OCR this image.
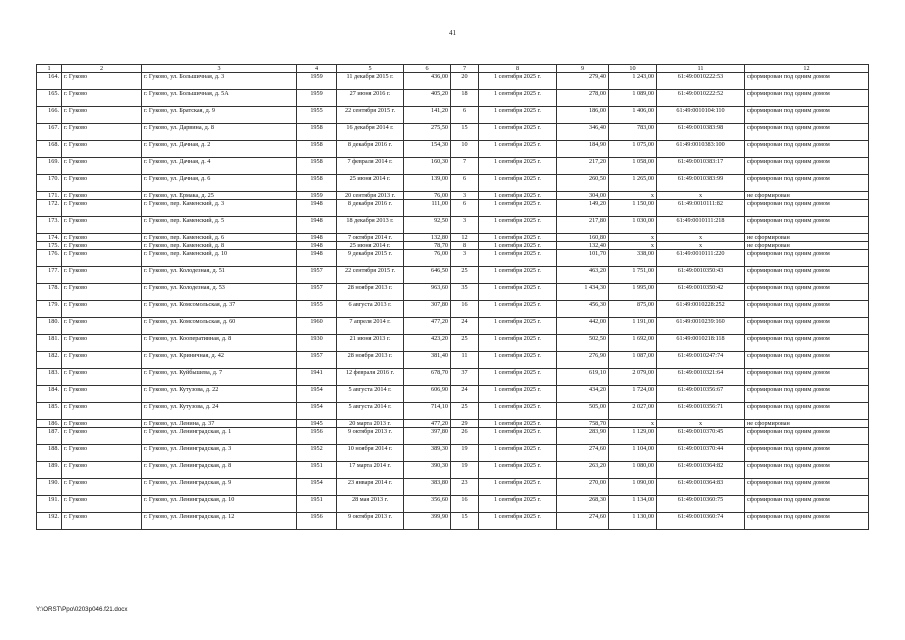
41
1	2	3	4	5	6	7	8	9	10	11	12
164.	г. Гуково	г. Гуково, ул. Большичная, д. 3	1959	11 декабря 2015 г.	436,00	20	1 сентября 2025 г.	279,40	1 243,00	61:49:0010222:53	сформирован под одним домом
165.	г. Гуково	г. Гуково, ул. Большичная, д. 5А	1959	27 июня 2016 г.	405,20	18	1 сентября 2025 г.	278,00	1 089,00	61:49:0010222:52	сформирован под одним домом
166.	г. Гуково	г. Гуково, ул. Братская, д. 9	1955	22 сентября 2015 г.	141,20	6	1 сентября 2025 г.	186,00	1 406,00	61:49:0010104:110	сформирован под одним домом
167.	г. Гуково	г. Гуково, ул. Дарвина, д. 8	1958	16 декабря 2014 г.	275,50	15	1 сентября 2025 г.	346,40	783,00	61:49:0010383:98	сформирован под одним домом
168.	г. Гуково	г. Гуково, ул. Дачная, д. 2	1958	8 декабря 2016 г.	154,30	10	1 сентября 2025 г.	184,90	1 075,00	61:49:0010383:100	сформирован под одним домом
169.	г. Гуково	г. Гуково, ул. Дачная, д. 4	1958	7 февраля 2014 г.	160,30	7	1 сентября 2025 г.	217,20	1 058,00	61:49:0010383:17	сформирован под одним домом
170.	г. Гуково	г. Гуково, ул. Дачная, д. 6	1958	25 июня 2014 г.	139,00	6	1 сентября 2025 г.	260,50	1 265,00	61:49:0010383:99	сформирован под одним домом
171.	г. Гуково	г. Гуково, ул. Ермака, д. 25	1959	20 сентября 2013 г.	76,00	3	1 сентября 2025 г.	304,00	x	x	не сформирован
172.	г. Гуково	г. Гуково, пер. Каменский, д. 3	1948	8 декабря 2016 г.	111,00	6	1 сентября 2025 г.	149,20	1 150,00	61:49:0010111:82	сформирован под одним домом
173.	г. Гуково	г. Гуково, пер. Каменский, д. 5	1948	18 декабря 2013 г.	92,50	3	1 сентября 2025 г.	217,80	1 030,00	61:49:0010111:218	сформирован под одним домом
174.	г. Гуково	г. Гуково, пер. Каменский, д. 6	1948	7 октября 2014 г.	132,80	12	1 сентября 2025 г.	160,80	x	x	не сформирован
175.	г. Гуково	г. Гуково, пер. Каменский, д. 8	1948	25 июня 2014 г.	78,70	8	1 сентября 2025 г.	132,40	x	x	не сформирован
176.	г. Гуково	г. Гуково, пер. Каменский, д. 10	1948	9 декабря 2015 г.	76,00	3	1 сентября 2025 г.	101,70	338,00	61:49:0010111:220	сформирован под одним домом
177.	г. Гуково	г. Гуково, ул. Колодезная, д. 51	1957	22 сентября 2015 г.	646,50	25	1 сентября 2025 г.	463,20	1 751,00	61:49:0010350:43	сформирован под одним домом
178.	г. Гуково	г. Гуково, ул. Колодезная, д. 53	1957	28 ноября 2013 г.	963,60	35	1 сентября 2025 г.	1 434,30	1 995,00	61:49:0010350:42	сформирован под одним домом
179.	г. Гуково	г. Гуково, ул. Комсомольская, д. 37	1955	6 августа 2013 г.	307,80	16	1 сентября 2025 г.	456,30	875,00	61:49:0010228:252	сформирован под одним домом
180.	г. Гуково	г. Гуково, ул. Комсомольская, д. 60	1960	7 апреля 2014 г.	477,20	24	1 сентября 2025 г.	442,00	1 191,00	61:49:0010239:160	сформирован под одним домом
181.	г. Гуково	г. Гуково, ул. Кооперативная, д. 8	1930	21 июня 2013 г.	423,20	25	1 сентября 2025 г.	502,50	1 692,00	61:49:0010218:118	сформирован под одним домом
182.	г. Гуково	г. Гуково, ул. Криничная, д. 42	1957	28 ноября 2013 г.	381,40	11	1 сентября 2025 г.	276,90	1 087,00	61:49:0010247:74	сформирован под одним домом
183.	г. Гуково	г. Гуково, ул. Куйбышева, д. 7	1941	12 февраля 2016 г.	678,70	37	1 сентября 2025 г.	619,10	2 079,00	61:49:0010321:64	сформирован под одним домом
184.	г. Гуково	г. Гуково, ул. Кутузова, д. 22	1954	5 августа 2014 г.	606,90	24	1 сентября 2025 г.	434,20	1 724,00	61:49:0010356:67	сформирован под одним домом
185.	г. Гуково	г. Гуково, ул. Кутузова, д. 24	1954	5 августа 2014 г.	714,10	25	1 сентября 2025 г.	505,00	2 027,00	61:49:0010356:71	сформирован под одним домом
186.	г. Гуково	г. Гуково, ул. Ленина, д. 37	1945	20 марта 2013 г.	477,20	29	1 сентября 2025 г.	758,70	x	x	не сформирован
187.	г. Гуково	г. Гуково, ул. Ленинградская, д. 1	1956	9 октября 2013 г.	397,80	26	1 сентября 2025 г.	283,90	1 129,00	61:49:0010370:45	сформирован под одним домом
188.	г. Гуково	г. Гуково, ул. Ленинградская, д. 3	1952	10 ноября 2014 г.	389,30	19	1 сентября 2025 г.	274,60	1 104,00	61:49:0010370:44	сформирован под одним домом
189.	г. Гуково	г. Гуково, ул. Ленинградская, д. 8	1951	17 марта 2014 г.	390,30	19	1 сентября 2025 г.	263,20	1 080,00	61:49:0010364:82	сформирован под одним домом
190.	г. Гуково	г. Гуково, ул. Ленинградская, д. 9	1954	23 января 2014 г.	383,80	23	1 сентября 2025 г.	270,00	1 090,00	61:49:0010364:83	сформирован под одним домом
191.	г. Гуково	г. Гуково, ул. Ленинградская, д. 10	1951	28 мая 2013 г.	356,60	16	1 сентября 2025 г.	268,30	1 134,00	61:49:0010360:75	сформирован под одним домом
192.	г. Гуково	г. Гуково, ул. Ленинградская, д. 12	1956	9 октября 2013 г.	399,90	15	1 сентября 2025 г.	274,60	1 130,00	61:49:0010360:74	сформирован под одним домом
Y:\ORST\Ppo\0203p046.f21.docx
